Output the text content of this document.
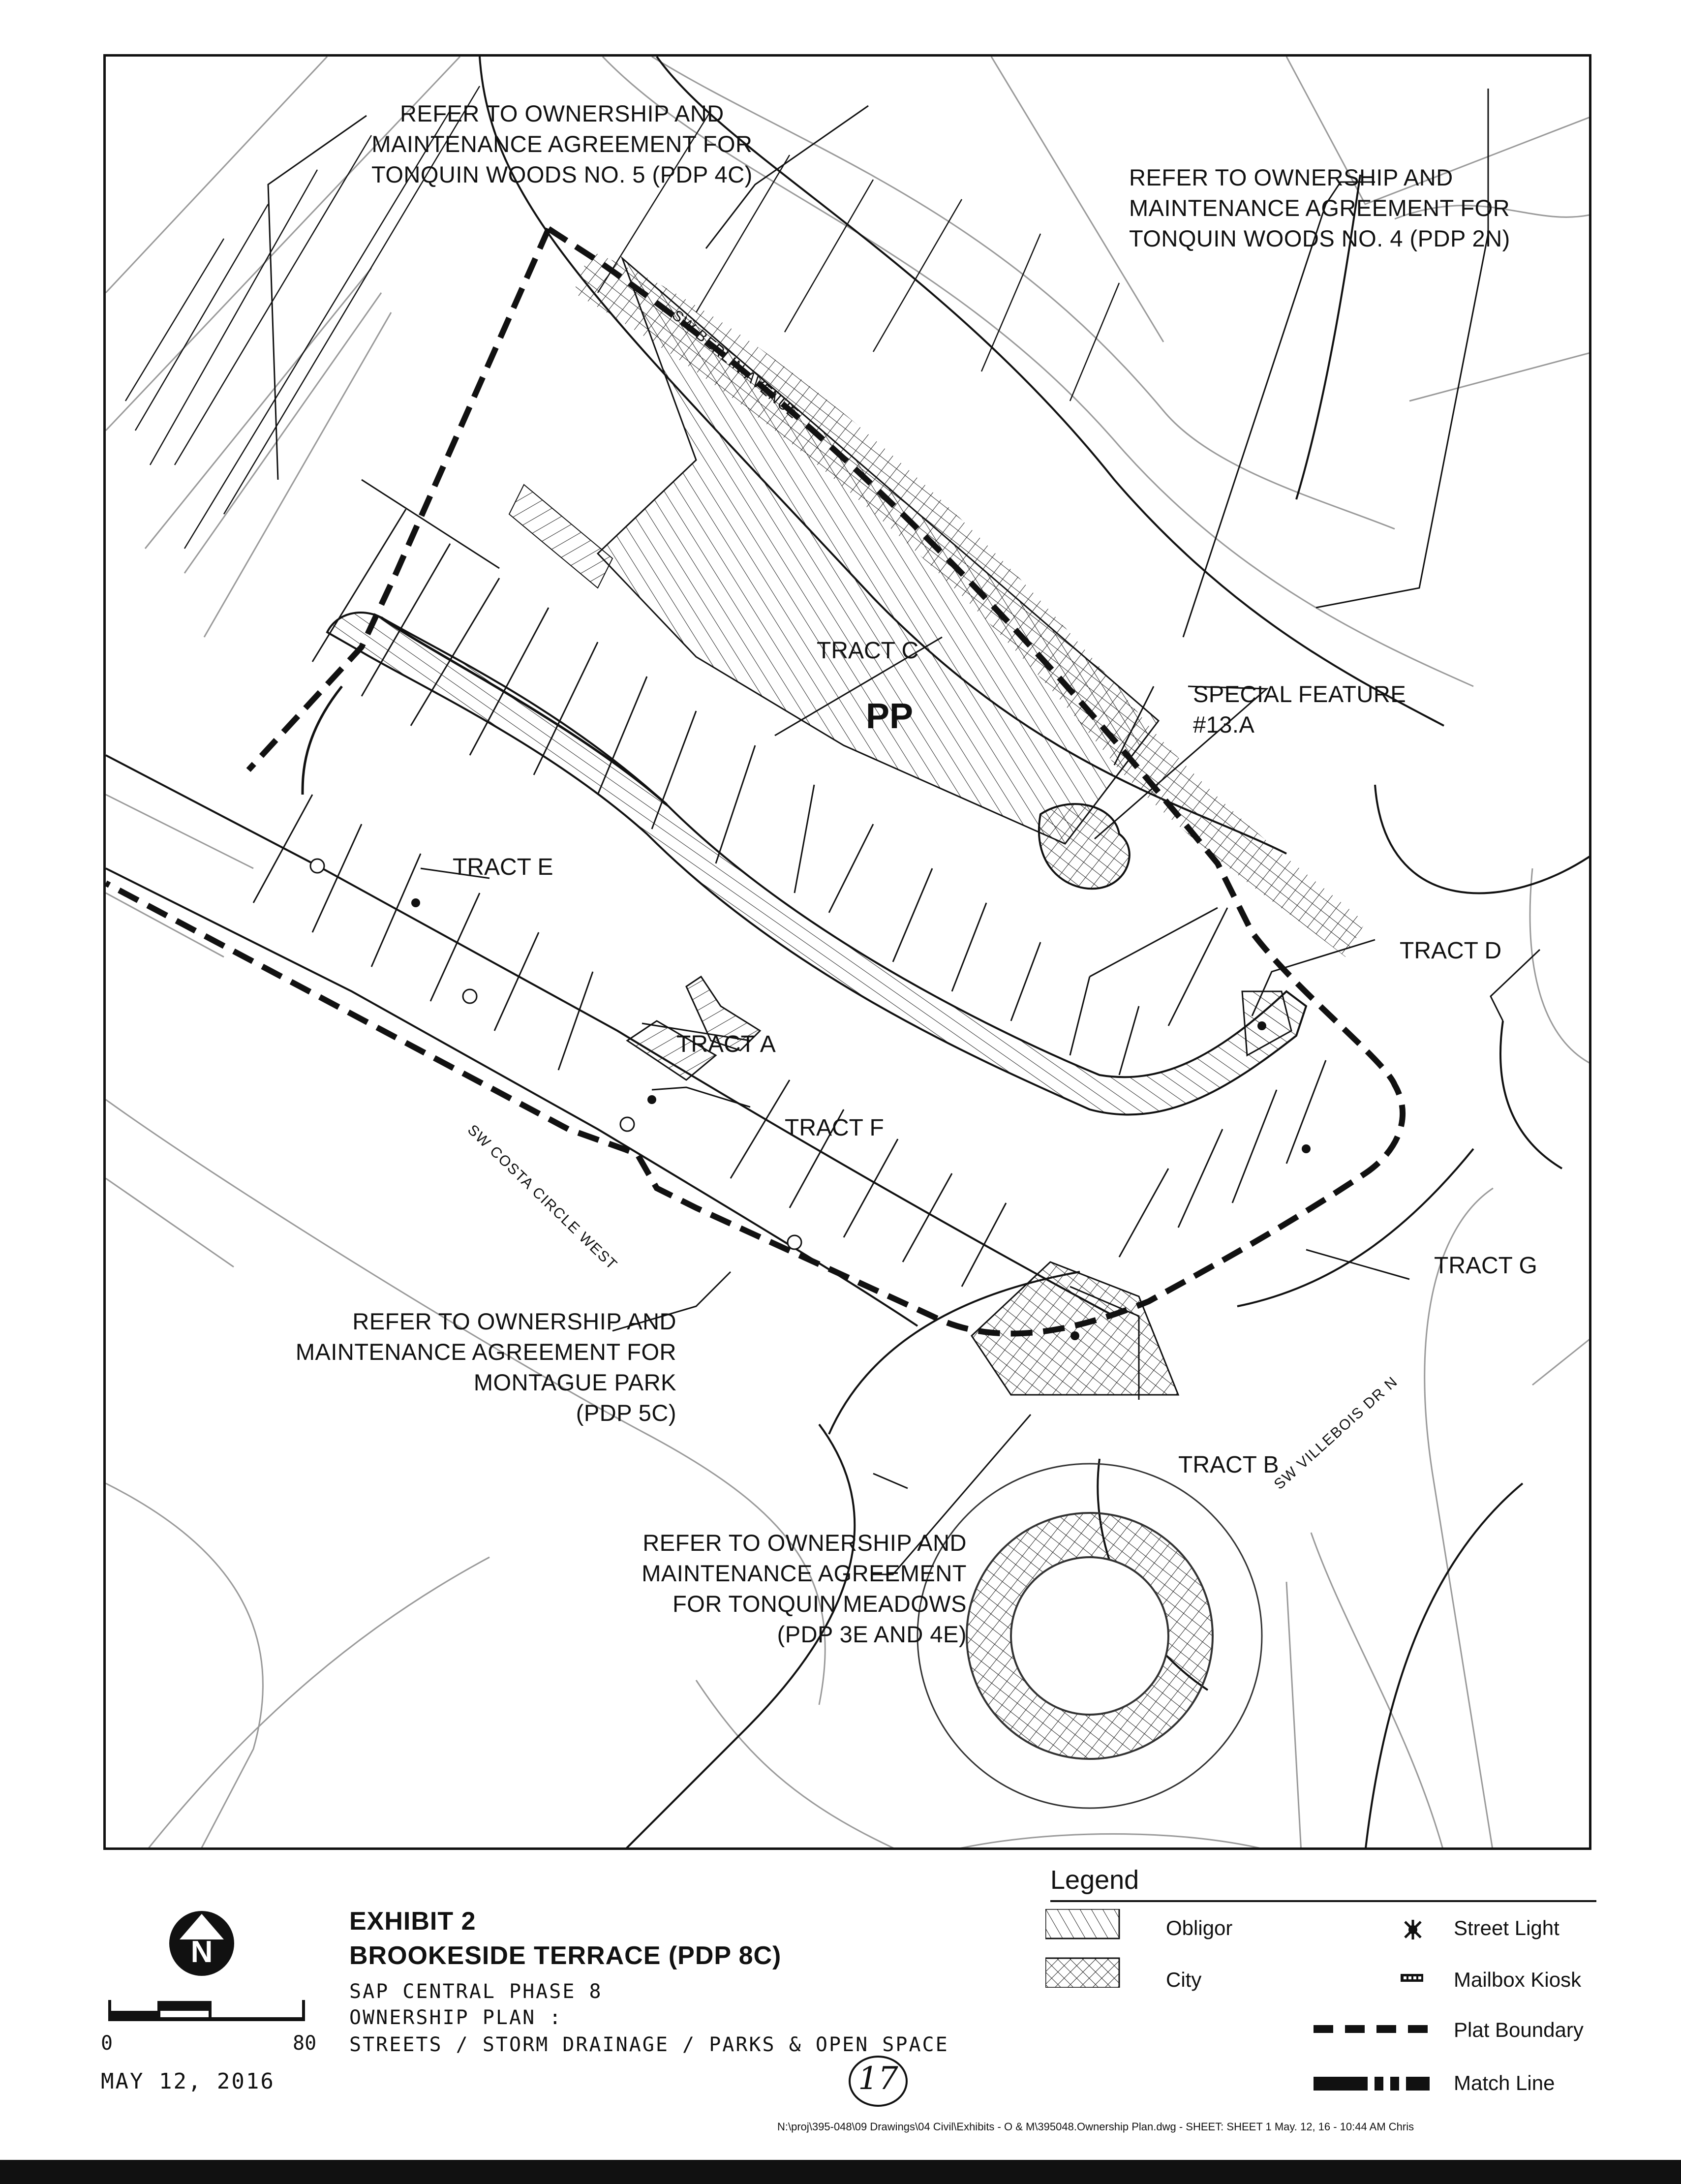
PP
TRACT C
TRACT E
TRACT A
TRACT F
TRACT D
TRACT G
TRACT B
SW BERLIN AVENUE
SW COSTA CIRCLE WEST
SW VILLEBOIS DR N
REFER TO OWNERSHIP AND
MAINTENANCE AGREEMENT FOR
TONQUIN WOODS NO. 5 (PDP 4C)	REFER TO OWNERSHIP AND
MAINTENANCE AGREEMENT FOR
TONQUIN WOODS NO. 4 (PDP 2N)
SPECIAL FEATURE
#13.A
REFER TO OWNERSHIP AND
MAINTENANCE AGREEMENT FOR
MONTAGUE PARK
(PDP 5C)
REFER TO OWNERSHIP AND
MAINTENANCE AGREEMENT
FOR TONQUIN MEADOWS
(PDP 3E AND 4E)
N
0	80
MAY 12, 2016
EXHIBIT 2
BROOKESIDE TERRACE (PDP 8C)
SAP CENTRAL PHASE 8
OWNERSHIP PLAN :
STREETS / STORM DRAINAGE / PARKS & OPEN SPACE
Legend
Obligor
City
Street Light
Mailbox Kiosk
Plat Boundary
Match Line
17
N:\proj\395-048\09 Drawings\04 Civil\Exhibits - O & M\395048.Ownership Plan.dwg - SHEET: SHEET 1 May. 12, 16 - 10:44 AM Chris
